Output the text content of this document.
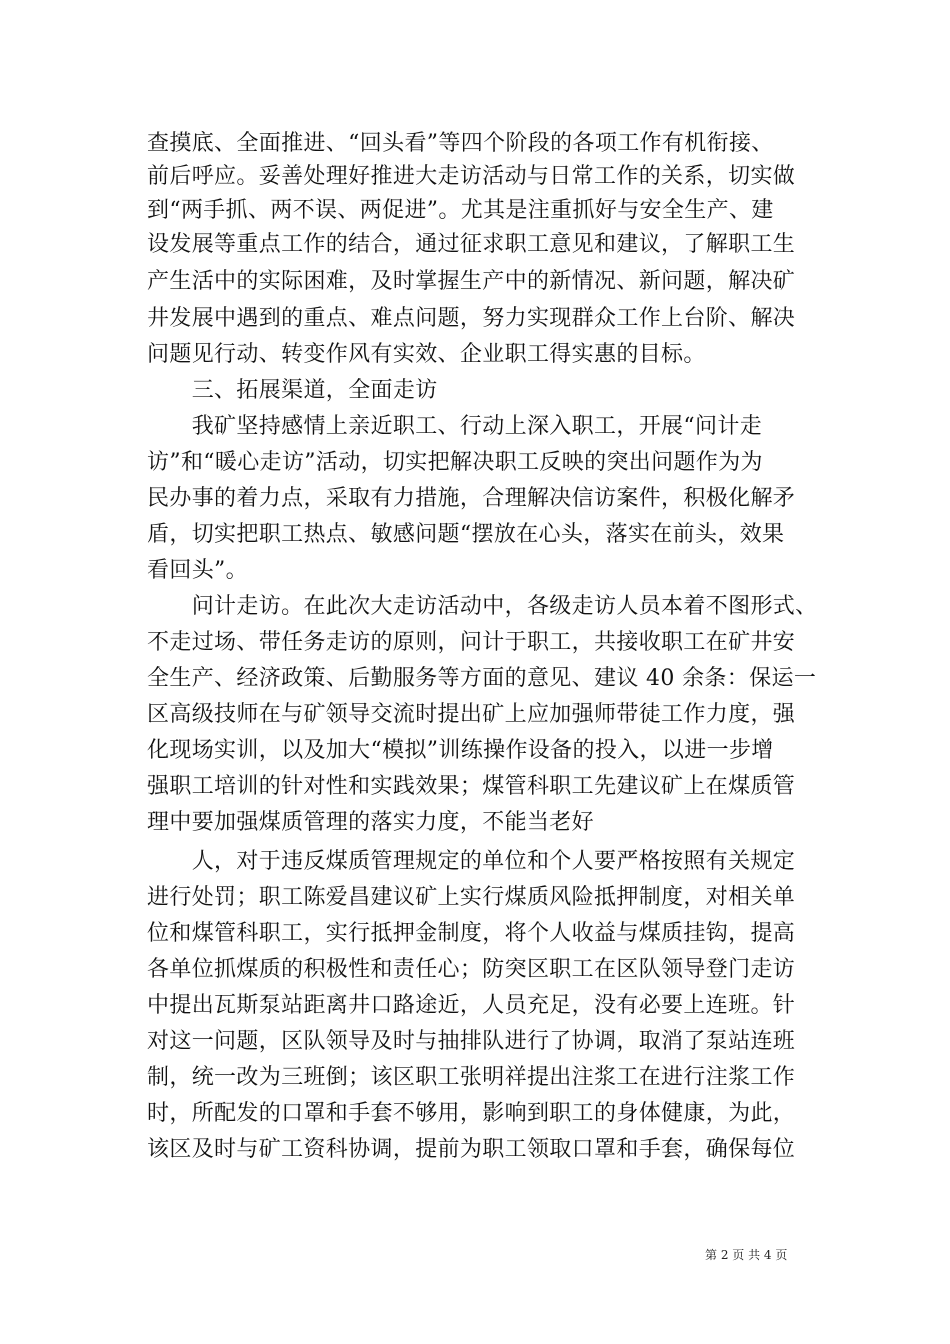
查摸底、全面推进、“回头看”等四个阶段的各项工作有机衔接、
前后呼应。妥善处理好推进大走访活动与日常工作的关系，切实做
到“两手抓、两不误、两促进”。尤其是注重抓好与安全生产、建
设发展等重点工作的结合，通过征求职工意见和建议，了解职工生
产生活中的实际困难，及时掌握生产中的新情况、新问题，解决矿
井发展中遇到的重点、难点问题，努力实现群众工作上台阶、解决
问题见行动、转变作风有实效、企业职工得实惠的目标。
　　三、拓展渠道，全面走访
　　我矿坚持感情上亲近职工、行动上深入职工，开展“问计走
访”和“暖心走访”活动，切实把解决职工反映的突出问题作为为
民办事的着力点，采取有力措施，合理解决信访案件，积极化解矛
盾，切实把职工热点、敏感问题“摆放在心头，落实在前头，效果
看回头”。
　　问计走访。在此次大走访活动中，各级走访人员本着不图形式、
不走过场、带任务走访的原则，问计于职工，共接收职工在矿井安
全生产、经济政策、后勤服务等方面的意见、建议 40 余条：保运一
区高级技师在与矿领导交流时提出矿上应加强师带徒工作力度，强
化现场实训，以及加大“模拟”训练操作设备的投入，以进一步增
强职工培训的针对性和实践效果；煤管科职工先建议矿上在煤质管
理中要加强煤质管理的落实力度，不能当老好
　　人，对于违反煤质管理规定的单位和个人要严格按照有关规定
进行处罚；职工陈爱昌建议矿上实行煤质风险抵押制度，对相关单
位和煤管科职工，实行抵押金制度，将个人收益与煤质挂钩，提高
各单位抓煤质的积极性和责任心；防突区职工在区队领导登门走访
中提出瓦斯泵站距离井口路途近，人员充足，没有必要上连班。针
对这一问题，区队领导及时与抽排队进行了协调，取消了泵站连班
制，统一改为三班倒；该区职工张明祥提出注浆工在进行注浆工作
时，所配发的口罩和手套不够用，影响到职工的身体健康，为此，
该区及时与矿工资科协调，提前为职工领取口罩和手套，确保每位
第 2 页 共 4 页
